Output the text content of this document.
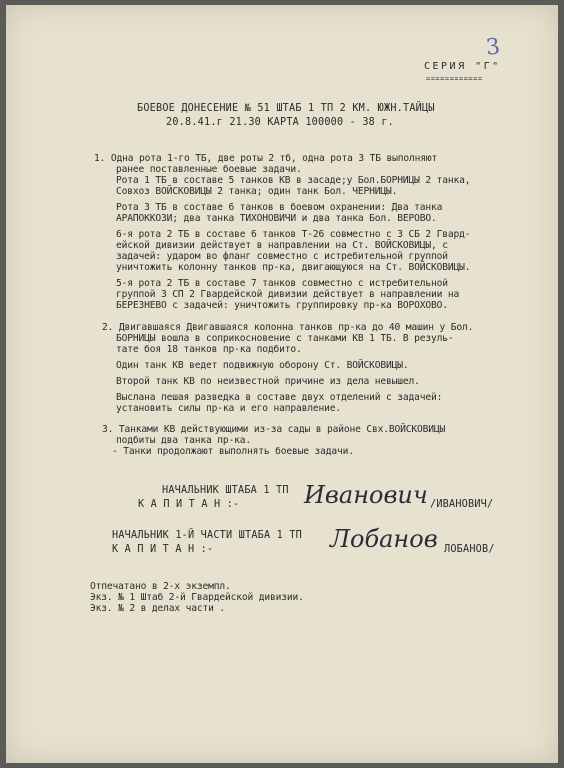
3
СЕРИЯ "Г"
============
БОЕВОЕ ДОНЕСЕНИЕ № 51 ШТАБ 1 ТП 2 КМ. ЮЖН.ТАЙЦЫ
20.8.41.г 21.30 КАРТА 100000 - 38 г.
1. Одна рота 1-го ТБ, две роты 2 тб, одна рота 3 ТБ выполняют
ранее поставленные боевые задачи.
Рота 1 ТБ в составе 5 танков КВ в засаде;у Бол.БОРНИЦЫ 2 танка,
Совхоз ВОЙСКОВИЦЫ 2 танка; один танк Бол. ЧЕРНИЦЫ.
Рота 3 ТБ в составе 6 танков в боевом охранении: Два танка
АРАПОККОЗИ; два танка ТИХОНОВИЧИ и два танка Бол. ВЕРОВО.
6-я рота 2 ТБ в составе 6 танков Т-26 совместно с 3 СБ 2 Гвард-
ейской дивизии действует в направлении на Ст. ВОЙСКОВИЦЫ, с
задачей: ударом во фланг совместно с истребительной группой
уничтожить колонну танков пр-ка, двигающуюся на Ст. ВОЙСКОВИЦЫ.
5-я рота 2 ТБ в составе 7 танков совместно с истребительной
группой 3 СП 2 Гвардейской дивизии действует в направлении на
БЕРЕЗНЕВО с задачей: уничтожить группировку пр-ка ВОРОХОВО.
2. Двигавшаяся Двигавшаяся колонна танков пр-ка до 40 машин у Бол.
БОРНИЦЫ вошла в соприкосновение с танками КВ 1 ТБ. В резуль-
тате боя 18 танков пр-ка подбито.
Один танк КВ ведет подвижную оборону Ст. ВОЙСКОВИЦЫ.
Второй танк КВ по неизвестной причине из дела невышел.
Выслана пешая разведка в составе двух отделений с задачей:
установить силы пр-ка и его направление.
3. Танками КВ действующими из-за сады в районе Свх.ВОЙСКОВИЦЫ
подбиты два танка пр-ка.
- Танки продолжают выполнять боевые задачи.
НАЧАЛЬНИК ШТАБА 1 ТП
К А П И Т А Н :-	Иванович /ИВАНОВИЧ/
НАЧАЛЬНИК 1-Й ЧАСТИ ШТАБА 1 ТП
К А П И Т А Н :-	Лобанов ЛОБАНОВ/
Отпечатано в 2-х экземпл.
Экз. № 1 Штаб 2-й Гвардейской дивизии.
Экз. № 2 в делах части .
